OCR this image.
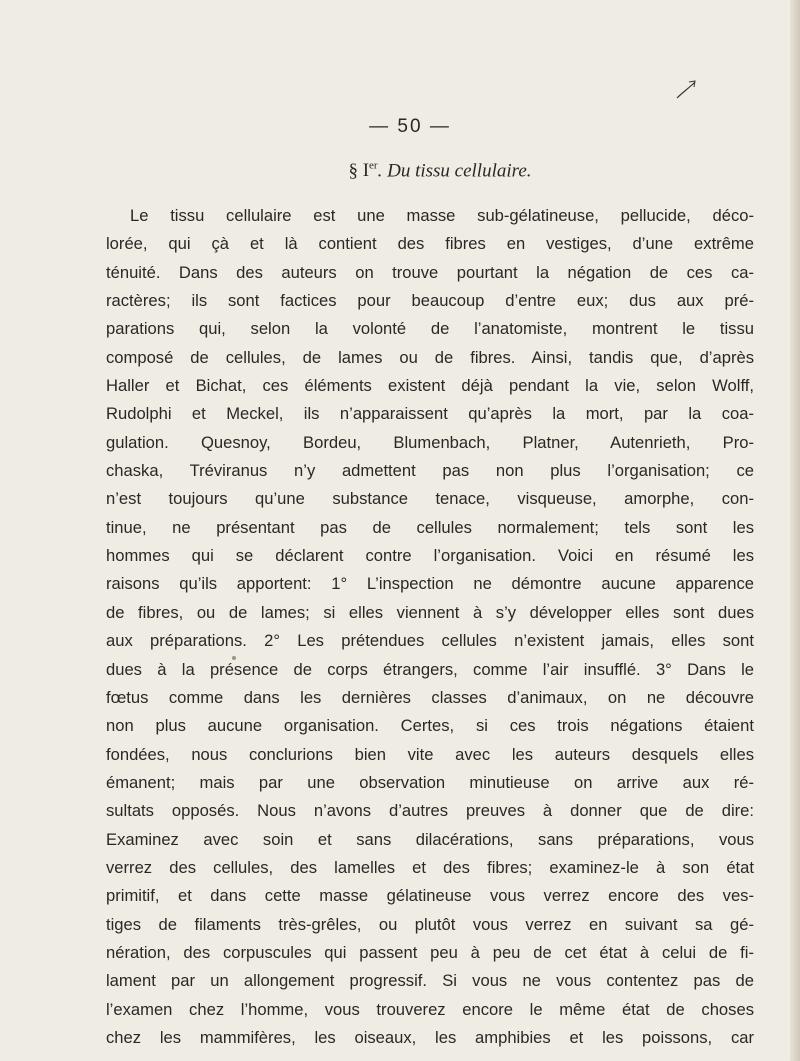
— 50 —
§ Ier. Du tissu cellulaire.
Le tissu cellulaire est une masse sub-gélatineuse, pellucide, déco-
lorée, qui çà et là contient des fibres en vestiges, d’une extrême
ténuité. Dans des auteurs on trouve pourtant la négation de ces ca-
ractères; ils sont factices pour beaucoup d’entre eux; dus aux pré-
parations qui, selon la volonté de l’anatomiste, montrent le tissu
composé de cellules, de lames ou de fibres. Ainsi, tandis que, d’après
Haller et Bichat, ces éléments existent déjà pendant la vie, selon Wolff,
Rudolphi et Meckel, ils n’apparaissent qu’après la mort, par la coa-
gulation. Quesnoy, Bordeu, Blumenbach, Platner, Autenrieth, Pro-
chaska, Tréviranus n’y admettent pas non plus l’organisation; ce
n’est toujours qu’une substance tenace, visqueuse, amorphe, con-
tinue, ne présentant pas de cellules normalement; tels sont les
hommes qui se déclarent contre l’organisation. Voici en résumé les
raisons qu’ils apportent: 1° L’inspection ne démontre aucune apparence
de fibres, ou de lames; si elles viennent à s’y développer elles sont dues
aux préparations. 2° Les prétendues cellules n’existent jamais, elles sont
dues à la présence de corps étrangers, comme l’air insufflé. 3° Dans le
fœtus comme dans les dernières classes d’animaux, on ne découvre
non plus aucune organisation. Certes, si ces trois négations étaient
fondées, nous conclurions bien vite avec les auteurs desquels elles
émanent; mais par une observation minutieuse on arrive aux ré-
sultats opposés. Nous n’avons d’autres preuves à donner que de dire:
Examinez avec soin et sans dilacérations, sans préparations, vous
verrez des cellules, des lamelles et des fibres; examinez-le à son état
primitif, et dans cette masse gélatineuse vous verrez encore des ves-
tiges de filaments très-grêles, ou plutôt vous verrez en suivant sa gé-
nération, des corpuscules qui passent peu à peu de cet état à celui de fi-
lament par un allongement progressif. Si vous ne vous contentez pas de
l’examen chez l’homme, vous trouverez encore le même état de choses
chez les mammifères, les oiseaux, les amphibies et les poissons, car
